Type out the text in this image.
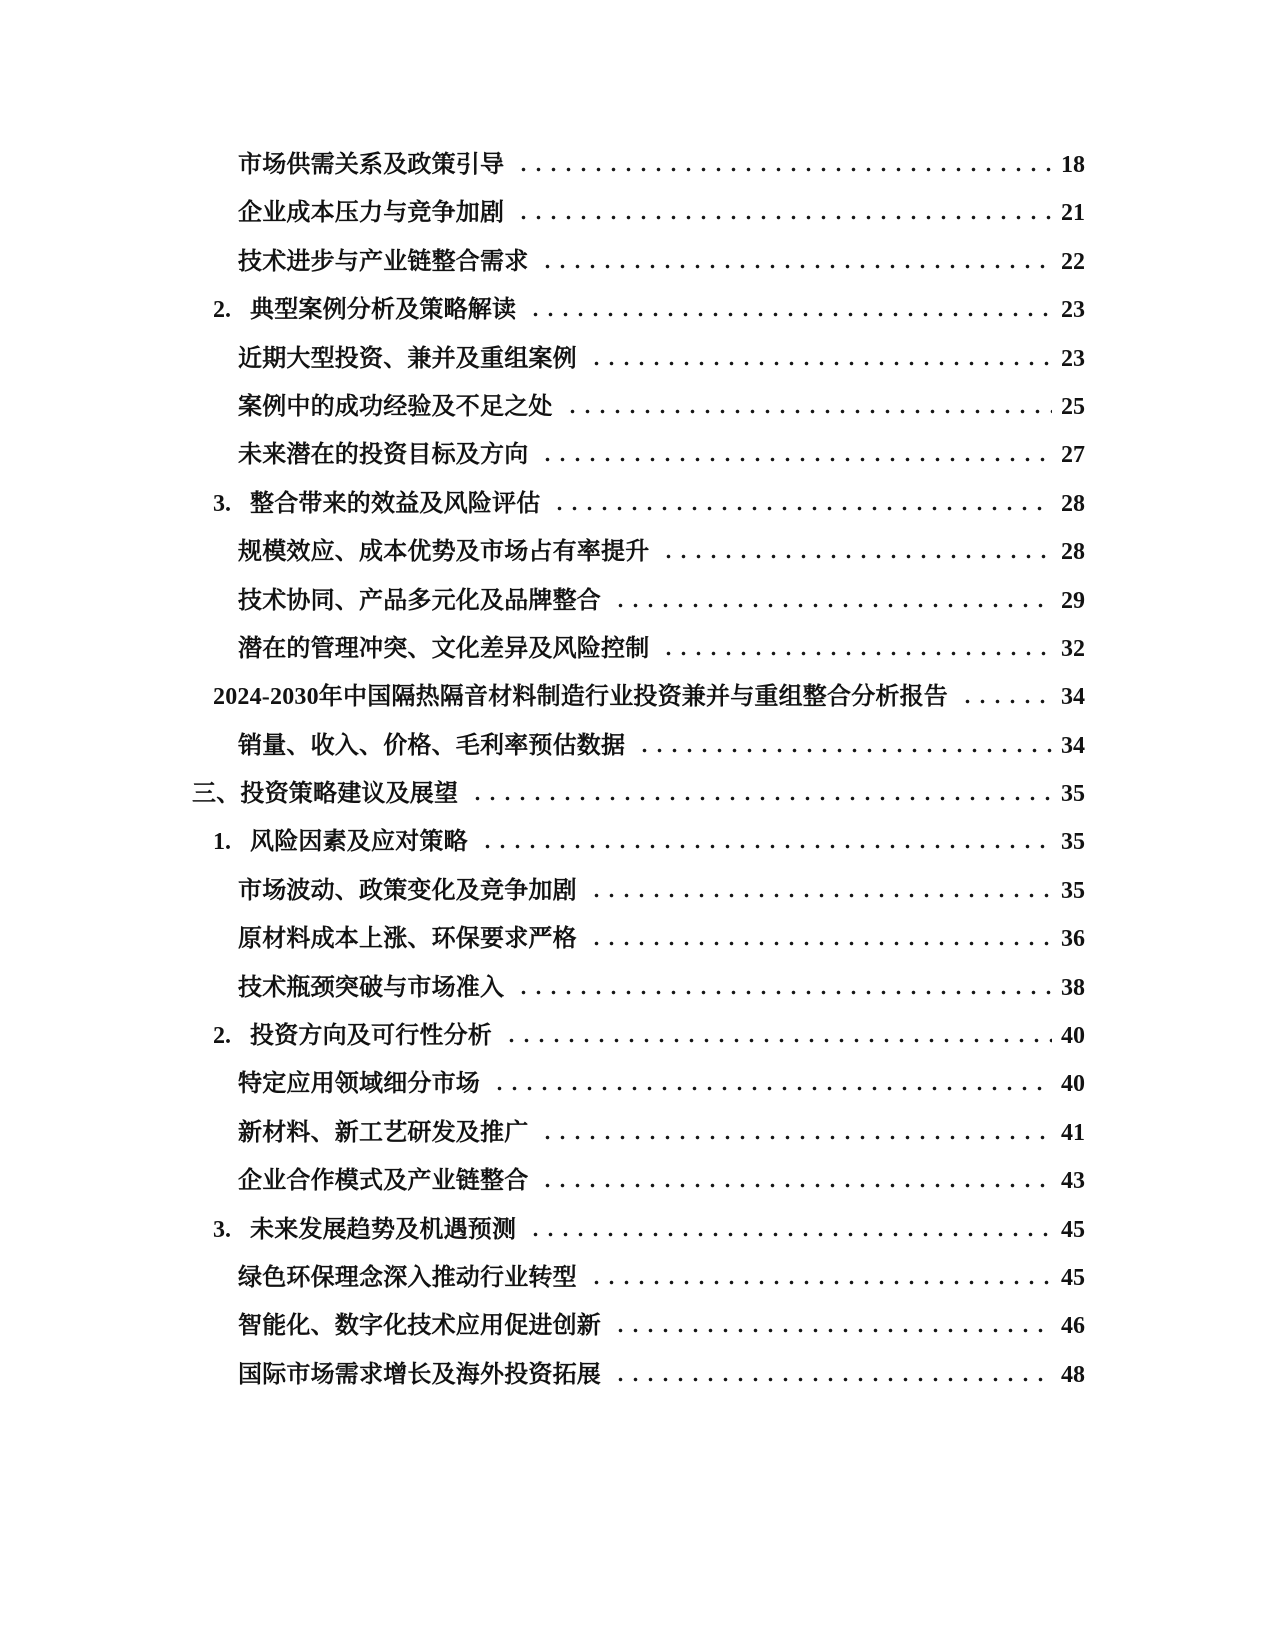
市场供需关系及政策引导	18
企业成本压力与竞争加剧	21
技术进步与产业链整合需求	22
2. 典型案例分析及策略解读	23
近期大型投资、兼并及重组案例	23
案例中的成功经验及不足之处	25
未来潜在的投资目标及方向	27
3. 整合带来的效益及风险评估	28
规模效应、成本优势及市场占有率提升	28
技术协同、产品多元化及品牌整合	29
潜在的管理冲突、文化差异及风险控制	32
2024-2030年中国隔热隔音材料制造行业投资兼并与重组整合分析报告	34
销量、收入、价格、毛利率预估数据	34
三、投资策略建议及展望	35
1. 风险因素及应对策略	35
市场波动、政策变化及竞争加剧	35
原材料成本上涨、环保要求严格	36
技术瓶颈突破与市场准入	38
2. 投资方向及可行性分析	40
特定应用领域细分市场	40
新材料、新工艺研发及推广	41
企业合作模式及产业链整合	43
3. 未来发展趋势及机遇预测	45
绿色环保理念深入推动行业转型	45
智能化、数字化技术应用促进创新	46
国际市场需求增长及海外投资拓展	48
